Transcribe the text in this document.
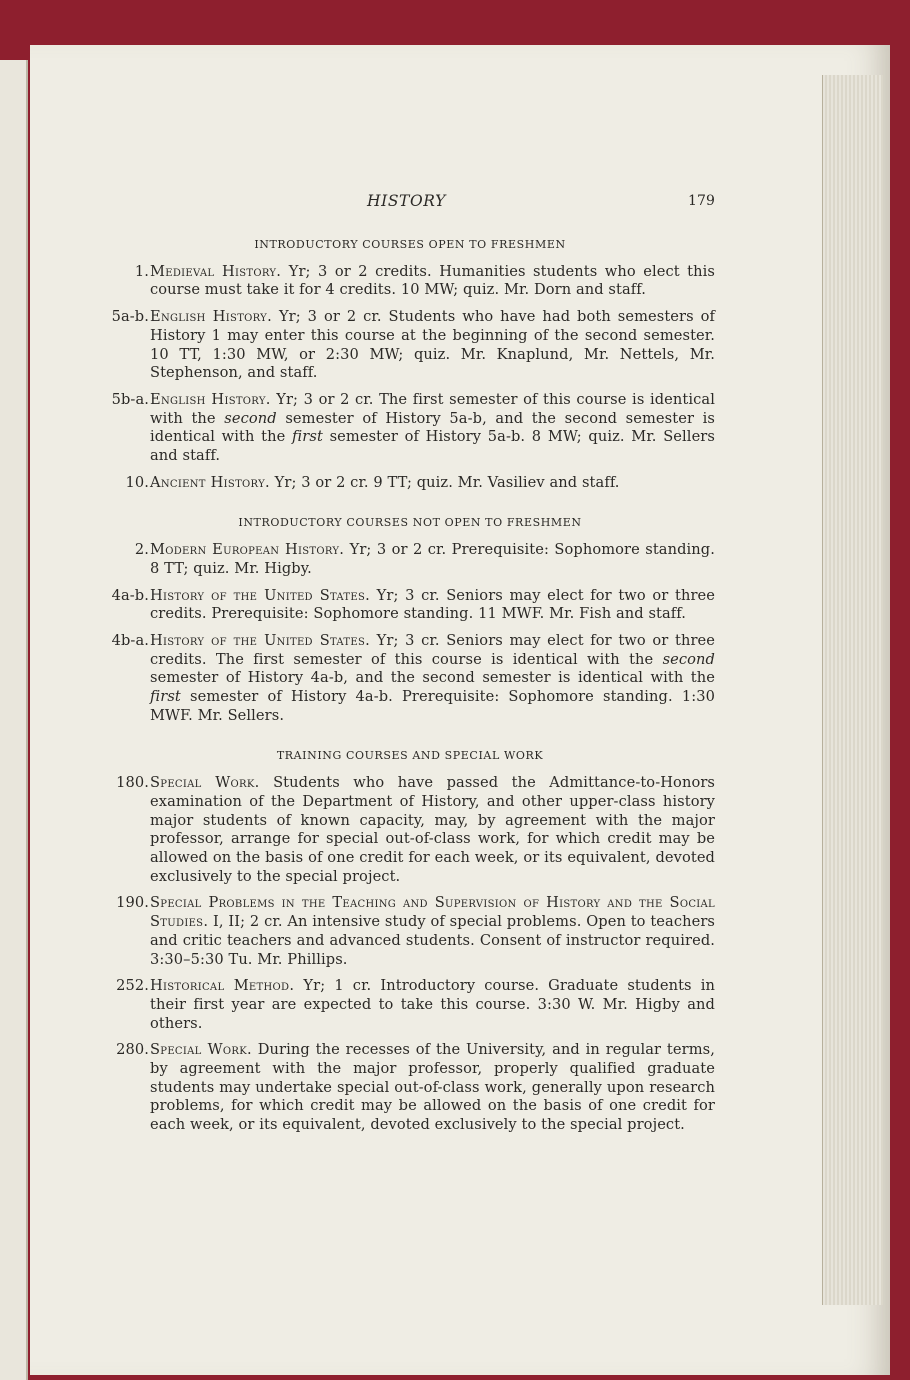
HISTORY	179
INTRODUCTORY COURSES OPEN TO FRESHMEN
1. Medieval History. Yr; 3 or 2 credits. Humanities students who elect this course must take it for 4 credits. 10 MW; quiz. Mr. Dorn and staff.
5a-b. English History. Yr; 3 or 2 cr. Students who have had both semesters of History 1 may enter this course at the beginning of the second semester. 10 TT, 1:30 MW, or 2:30 MW; quiz. Mr. Knaplund, Mr. Nettels, Mr. Stephenson, and staff.
5b-a. English History. Yr; 3 or 2 cr. The first semester of this course is identical with the second semester of History 5a-b, and the second semester is identical with the first semester of History 5a-b. 8 MW; quiz. Mr. Sellers and staff.
10. Ancient History. Yr; 3 or 2 cr. 9 TT; quiz. Mr. Vasiliev and staff.
INTRODUCTORY COURSES NOT OPEN TO FRESHMEN
2. Modern European History. Yr; 3 or 2 cr. Prerequisite: Sophomore standing. 8 TT; quiz. Mr. Higby.
4a-b. History of the United States. Yr; 3 cr. Seniors may elect for two or three credits. Prerequisite: Sophomore standing. 11 MWF. Mr. Fish and staff.
4b-a. History of the United States. Yr; 3 cr. Seniors may elect for two or three credits. The first semester of this course is identical with the second semester of History 4a-b, and the second semester is identical with the first semester of History 4a-b. Prerequisite: Sophomore standing. 1:30 MWF. Mr. Sellers.
TRAINING COURSES AND SPECIAL WORK
180. Special Work. Students who have passed the Admittance-to-Honors examination of the Department of History, and other upper-class history major students of known capacity, may, by agreement with the major professor, arrange for special out-of-class work, for which credit may be allowed on the basis of one credit for each week, or its equivalent, devoted exclusively to the special project.
190. Special Problems in the Teaching and Supervision of History and the Social Studies. I, II; 2 cr. An intensive study of special problems. Open to teachers and critic teachers and advanced students. Consent of instructor required. 3:30–5:30 Tu. Mr. Phillips.
252. Historical Method. Yr; 1 cr. Introductory course. Graduate students in their first year are expected to take this course. 3:30 W. Mr. Higby and others.
280. Special Work. During the recesses of the University, and in regular terms, by agreement with the major professor, properly qualified graduate students may undertake special out-of-class work, generally upon research problems, for which credit may be allowed on the basis of one credit for each week, or its equivalent, devoted exclusively to the special project.
